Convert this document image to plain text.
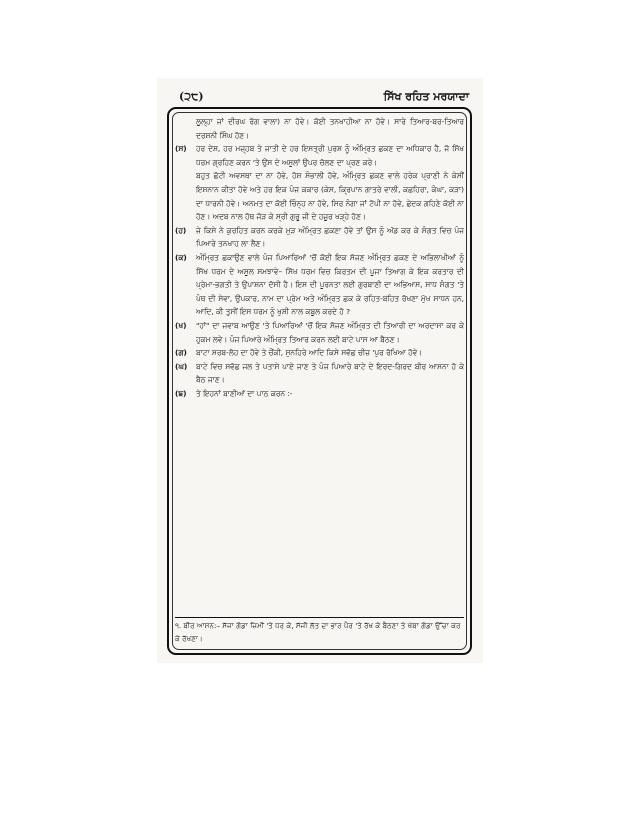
(੨੮)	ਸਿੱਖ ਰਹਿਤ ਮਰਯਾਦਾ
ਲੂਲ੍ਹਾ ਜਾਂ ਦੀਰਘ ਰੋਗ ਵਾਲਾ) ਨਾ ਹੋਵੇ। ਕੋਈ ਤਨਖਾਹੀਆ ਨਾ ਹੋਵੇ। ਸਾਰੇ ਤਿਆਰ-ਬਰ-ਤਿਆਰ ਦਰਸ਼ਨੀ ਸਿੰਘ ਹੋਣ।
(ਸ)	ਹਰ ਦੇਸ਼, ਹਰ ਮਜ਼੍ਹਬ ਤੇ ਜਾਤੀ ਦੇ ਹਰ ਇਸਤ੍ਰੀ ਪੁਰਸ਼ ਨੂੰ ਅੰਮ੍ਰਿਤ ਛਕਣ ਦਾ ਅਧਿਕਾਰ ਹੈ, ਜੋ ਸਿੱਖ ਧਰਮ ਗ੍ਰਹਿਣ ਕਰਨ 'ਤੇ ਉਸ ਦੇ ਅਸੂਲਾਂ ਉਪਰ ਚੱਲਣ ਦਾ ਪ੍ਰਣ ਕਰੇ।
ਬਹੁਤ ਛੋਟੀ ਅਵਸਥਾ ਦਾ ਨਾ ਹੋਵੇ, ਹੋਸ਼ ਸੰਭਾਲੀ ਹੋਵੇ, ਅੰਮ੍ਰਿਤ ਛਕਣ ਵਾਲੇ ਹਰੇਕ ਪ੍ਰਾਣੀ ਨੇ ਕੇਸੀਂ ਇਸ਼ਨਾਨ ਕੀਤਾ ਹੋਵੇ ਅਤੇ ਹਰ ਇਕ ਪੰਜ ਕਕਾਰ (ਕੇਸ, ਕ੍ਰਿਪਾਨ ਗਾਤਰੇ ਵਾਲੀ, ਕਛਹਿਰਾ, ਕੰਘਾ, ਕੜਾ) ਦਾ ਧਾਰਨੀ ਹੋਵੇ। ਅਨਮਤ ਦਾ ਕੋਈ ਚਿੰਨ੍ਹ ਨਾ ਹੋਵੇ, ਸਿਰ ਨੰਗਾ ਜਾਂ ਟੋਪੀ ਨਾ ਹੋਵੇ, ਛੇਦਕ ਗਹਿਣੇ ਕੋਈ ਨਾ ਹੋਣ। ਅਦਬ ਨਾਲ ਹੱਥ ਜੋੜ ਕੇ ਸ੍ਰੀ ਗੁਰੂ ਜੀ ਦੇ ਹਜ਼ੂਰ ਖੜ੍ਹੇ ਹੋਣ।
(ਹ)	ਜੇ ਕਿਸੇ ਨੇ ਕੁਰਹਿਤ ਕਰਨ ਕਰਕੇ ਮੁੜ ਅੰਮ੍ਰਿਤ ਛਕਣਾ ਹੋਵੇ ਤਾਂ ਉਸ ਨੂੰ ਅੱਡ ਕਰ ਕੇ ਸੰਗਤ ਵਿਚ ਪੰਜ ਪਿਆਰੇ ਤਨਖਾਹ ਲਾ ਲੈਣ।
(ਕ)	ਅੰਮ੍ਰਿਤ ਛਕਾਉਣ ਵਾਲੇ ਪੰਜ ਪਿਆਰਿਆਂ 'ਚੋਂ ਕੋਈ ਇਕ ਸੱਜਣ ਅੰਮ੍ਰਿਤ ਛਕਣ ਦੇ ਅਭਿਲਾਖੀਆਂ ਨੂੰ ਸਿੱਖ ਧਰਮ ਦੇ ਅਸੂਲ ਸਮਝਾਵੇ– ਸਿੱਖ ਧਰਮ ਵਿਚ ਕਿਰਤਮ ਦੀ ਪੂਜਾ ਤਿਆਗ ਕੇ ਇਕ ਕਰਤਾਰ ਦੀ ਪ੍ਰੇਮਾ-ਭਗਤੀ ਤੇ ਉਪਾਸ਼ਨਾ ਦੱਸੀ ਹੈ। ਇਸ ਦੀ ਪੂਰਨਤਾ ਲਈ ਗੁਰਬਾਣੀ ਦਾ ਅਭਿਆਸ, ਸਾਧ ਸੰਗਤ 'ਤੇ ਪੰਥ ਦੀ ਸੇਵਾ, ਉਪਕਾਰ, ਨਾਮ ਦਾ ਪ੍ਰੇਮ ਅਤੇ ਅੰਮ੍ਰਿਤ ਛਕ ਕੇ ਰਹਿਤ-ਬਹਿਤ ਰੱਖਣਾ ਮੁੱਖ ਸਾਧਨ ਹਨ, ਆਦਿ, ਕੀ ਤੁਸੀਂ ਇਸ ਧਰਮ ਨੂੰ ਖੁਸ਼ੀ ਨਾਲ ਕਬੂਲ ਕਰਦੇ ਹੋ ?
(ਖ)	"ਹਾਂ" ਦਾ ਜਵਾਬ ਆਉਣ 'ਤੇ ਪਿਆਰਿਆਂ 'ਚੋਂ ਇਕ ਸੱਜਣ ਅੰਮ੍ਰਿਤ ਦੀ ਤਿਆਰੀ ਦਾ ਅਰਦਾਸਾ ਕਰ ਕੇ ਹੁਕਮ ਲਵੇ। ਪੰਜ ਪਿਆਰੇ ਅੰਮ੍ਰਿਤ ਤਿਆਰ ਕਰਨ ਲਈ ਬਾਟੇ ਪਾਸ ਆ ਬੈਠਣ।
(ਗ)	ਬਾਟਾ ਸਰਬ-ਲੋਹ ਦਾ ਹੋਵੇ ਤੇ ਚੌਂਕੀ, ਸੁਨਹਿਰੇ ਆਦਿ ਕਿਸੇ ਸਵੱਛ ਚੀਜ਼ 'ਪੁਰ ਰੱਖਿਆ ਹੋਵੇ।
(ਘ)	ਬਾਟੇ ਵਿਚ ਸਵੱਛ ਜਲ ਤੇ ਪਤਾਸੇ ਪਾਏ ਜਾਣ ਤੇ ਪੰਜ ਪਿਆਰੇ ਬਾਟੇ ਦੇ ਇਰਦ-ਗਿਰਦ ਬੀਰ ਆਸਨਾ ਹੋ ਕੇ ਬੈਠ ਜਾਣ।
(ਙ)	ਤੇ ਇਹਨਾਂ ਬਾਣੀਆਂ ਦਾ ਪਾਠ ਕਰਨ :-
੧. ਬੀਰ ਆਸਨ:– ਸੱਜਾ ਗੋਡਾ ਜ਼ਿਮੀਂ 'ਤੇ ਧਰ ਕੇ, ਸੱਜੀ ਲੱਤ ਦਾ ਭਾਰ ਪੈਰ 'ਤੇ ਰੱਖ ਕੇ ਬੈਠਣਾ ਤੇ ਖੱਬਾ ਗੋਡਾ ਉੱਚਾ ਕਰ ਕੇ ਰੱਖਣਾ।
